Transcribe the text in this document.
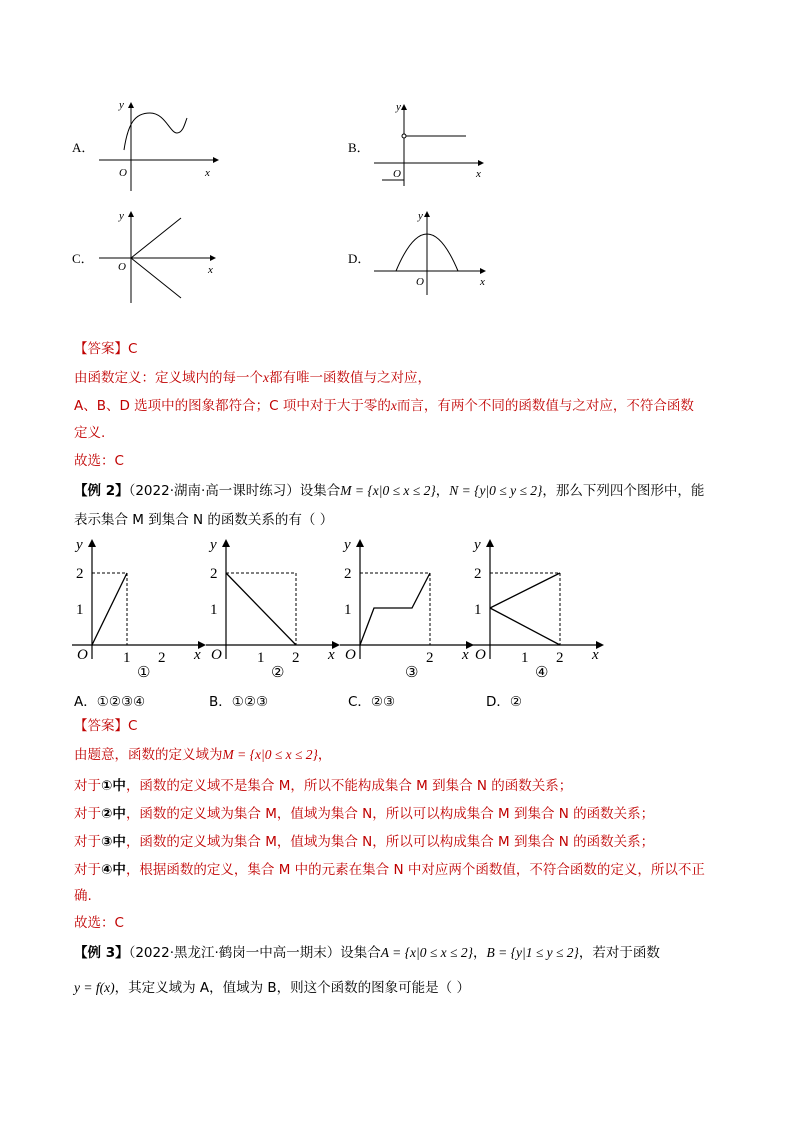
A．
y
x
O
B．
y
x
O
C．
y
x
O
D．
y
x
O
【答案】C
由函数定义：定义域内的每一个x都有唯一函数值与之对应，
A、B、D 选项中的图象都符合；C 项中对于大于零的x而言，有两个不同的函数值与之对应，不符合函数
定义.
故选：C
【例 2】（2022·湖南·高一课时练习）设集合M = {x|0 ≤ x ≤ 2}，N = {y|0 ≤ y ≤ 2}，那么下列四个图形中，能
表示集合 M 到集合 N 的函数关系的有（ ）
y
2
1
O 1 2 x
①
y
2
1
O 1 2 x
②
y
2
1
O	2 x
③
y
2
1
O 1 2 x
④
A．①②③④	B．①②③	C．②③	D．②
【答案】C
由题意，函数的定义域为M = {x|0 ≤ x ≤ 2}，
对于①中，函数的定义域不是集合 M，所以不能构成集合 M 到集合 N 的函数关系；
对于②中，函数的定义域为集合 M，值域为集合 N，所以可以构成集合 M 到集合 N 的函数关系；
对于③中，函数的定义域为集合 M，值域为集合 N，所以可以构成集合 M 到集合 N 的函数关系；
对于④中，根据函数的定义，集合 M 中的元素在集合 N 中对应两个函数值，不符合函数的定义，所以不正
确.
故选：C
【例 3】（2022·黑龙江·鹤岗一中高一期末）设集合A = {x|0 ≤ x ≤ 2}，B = {y|1 ≤ y ≤ 2}，若对于函数
y = f(x)，其定义域为 A，值域为 B，则这个函数的图象可能是（ ）
